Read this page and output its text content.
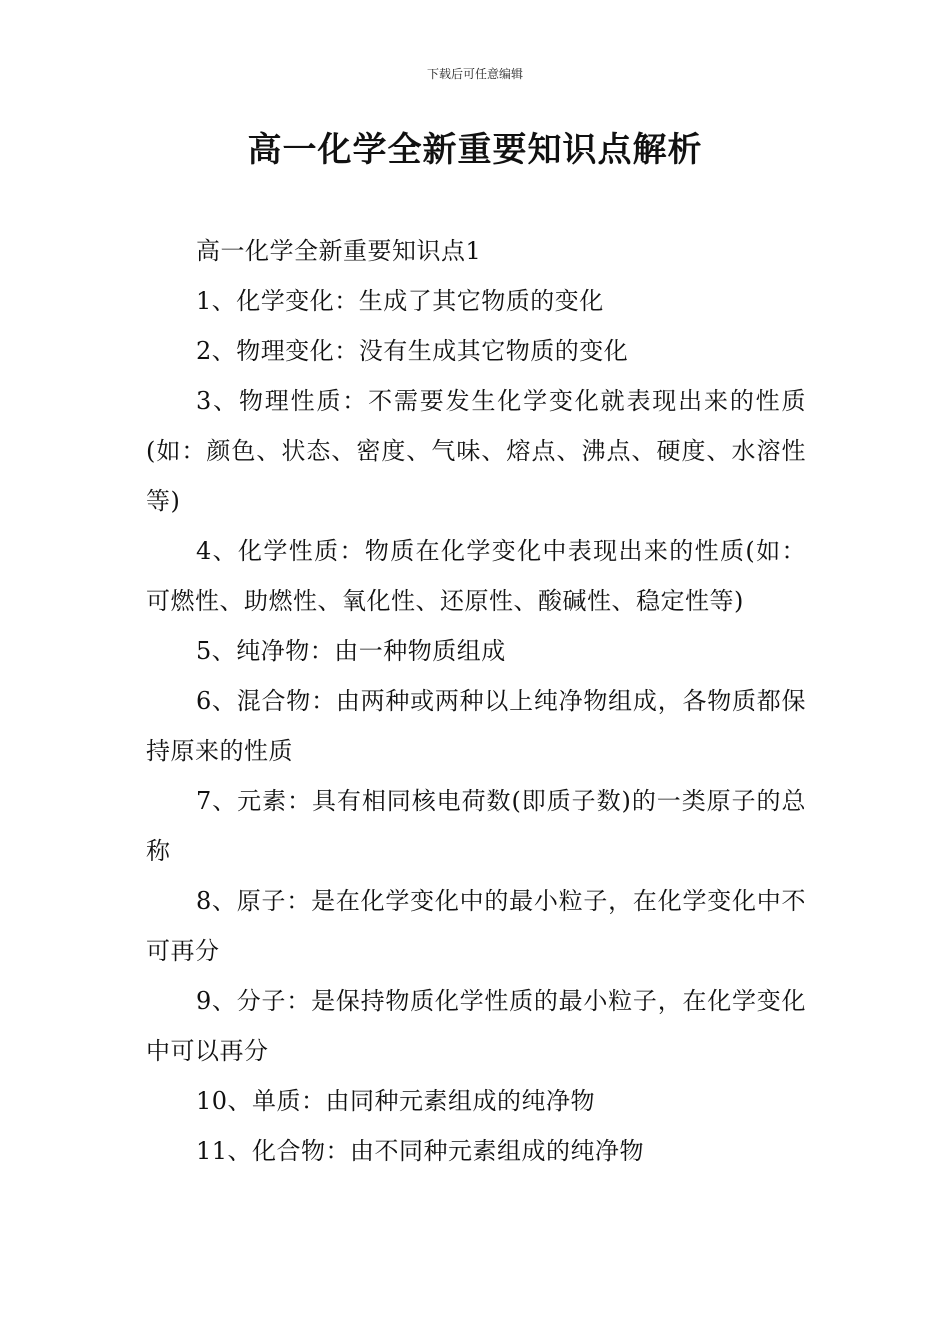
下载后可任意编辑
高一化学全新重要知识点解析

高一化学全新重要知识点1

1、化学变化：生成了其它物质的变化

2、物理变化：没有生成其它物质的变化

3、物理性质：不需要发生化学变化就表现出来的性质(如：颜色、状态、密度、气味、熔点、沸点、硬度、水溶性等)

4、化学性质：物质在化学变化中表现出来的性质(如：可燃性、助燃性、氧化性、还原性、酸碱性、稳定性等)

5、纯净物：由一种物质组成

6、混合物：由两种或两种以上纯净物组成，各物质都保持原来的性质

7、元素：具有相同核电荷数(即质子数)的一类原子的总称

8、原子：是在化学变化中的最小粒子，在化学变化中不可再分

9、分子：是保持物质化学性质的最小粒子，在化学变化中可以再分

10、单质：由同种元素组成的纯净物

11、化合物：由不同种元素组成的纯净物
